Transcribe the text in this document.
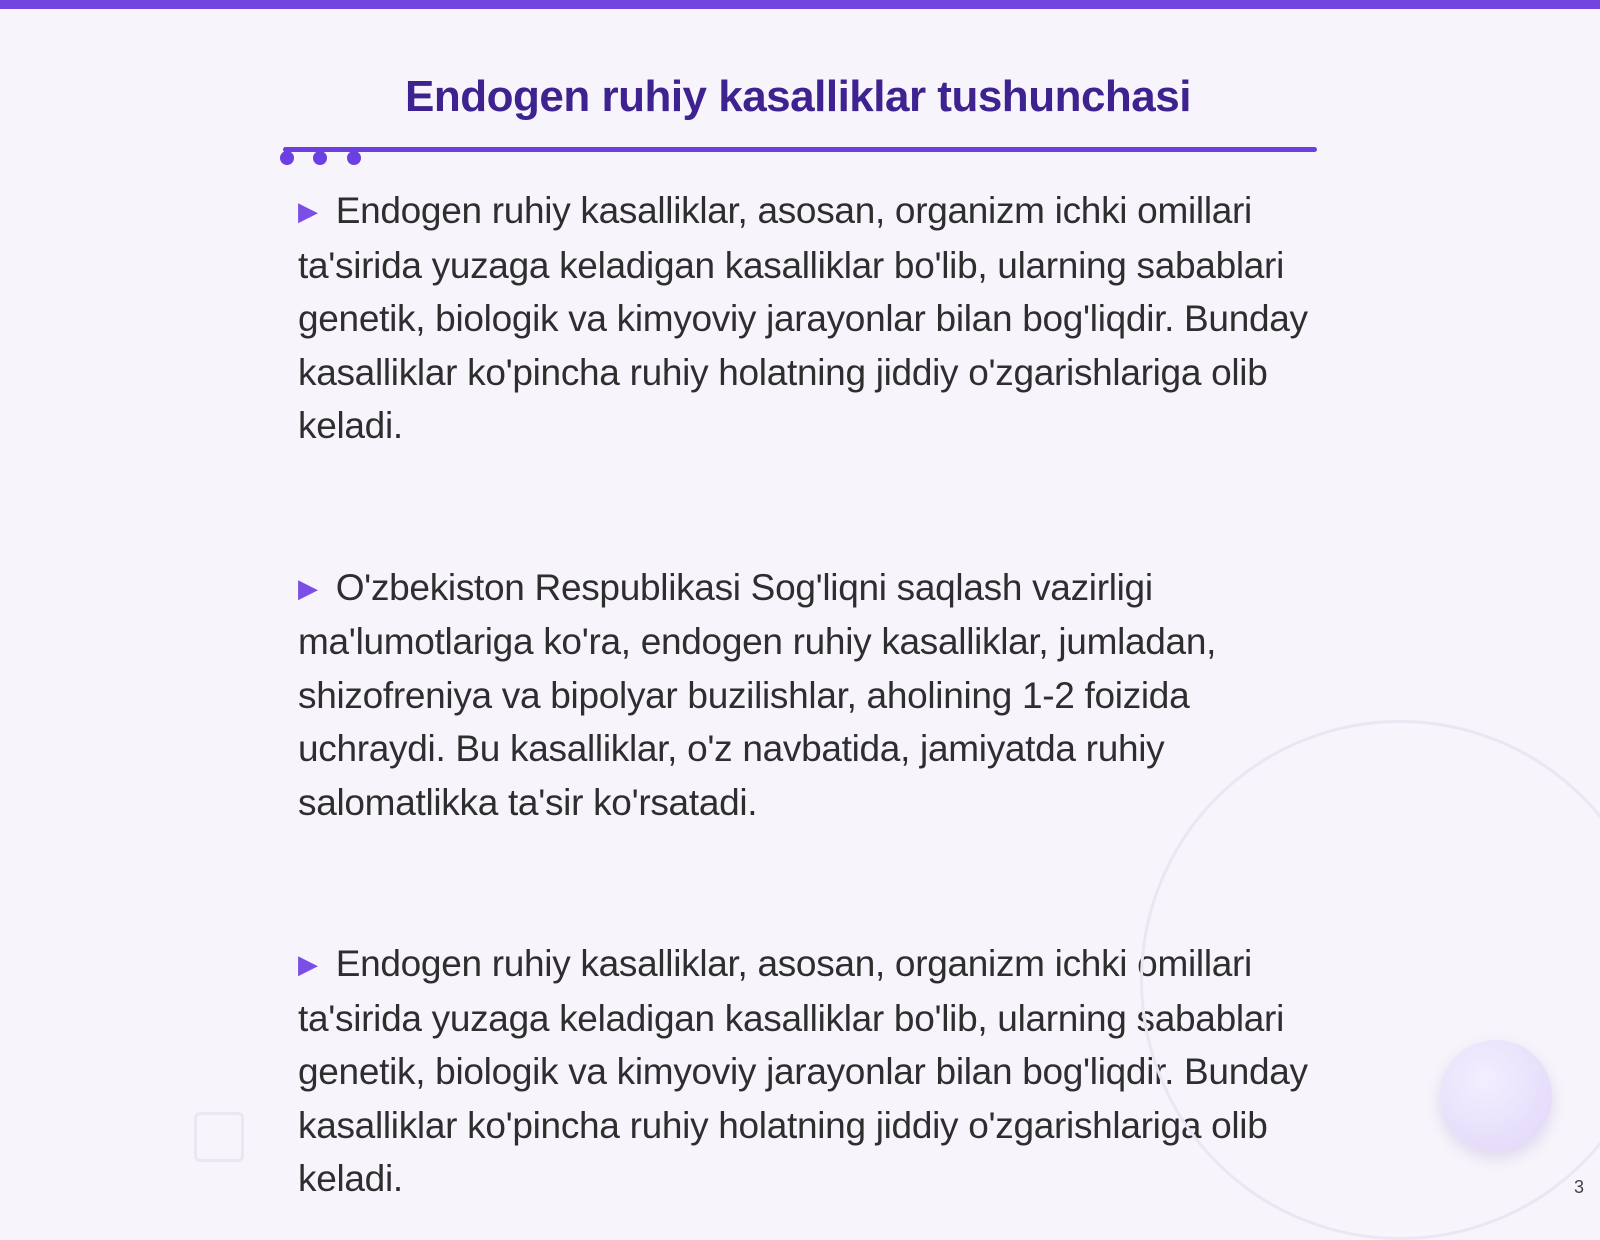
Endogen ruhiy kasalliklar tushunchasi
▶ Endogen ruhiy kasalliklar, asosan, organizm ichki omillari ta'sirida yuzaga keladigan kasalliklar bo'lib, ularning sabablari genetik, biologik va kimyoviy jarayonlar bilan bog'liqdir. Bunday kasalliklar ko'pincha ruhiy holatning jiddiy o'zgarishlariga olib keladi.
▶ O'zbekiston Respublikasi Sog'liqni saqlash vazirligi ma'lumotlariga ko'ra, endogen ruhiy kasalliklar, jumladan, shizofreniya va bipolyar buzilishlar, aholining 1-2 foizida uchraydi. Bu kasalliklar, o'z navbatida, jamiyatda ruhiy salomatlikka ta'sir ko'rsatadi.
▶ Endogen ruhiy kasalliklar, asosan, organizm ichki omillari ta'sirida yuzaga keladigan kasalliklar bo'lib, ularning sabablari genetik, biologik va kimyoviy jarayonlar bilan bog'liqdir. Bunday kasalliklar ko'pincha ruhiy holatning jiddiy o'zgarishlariga olib keladi.	3
